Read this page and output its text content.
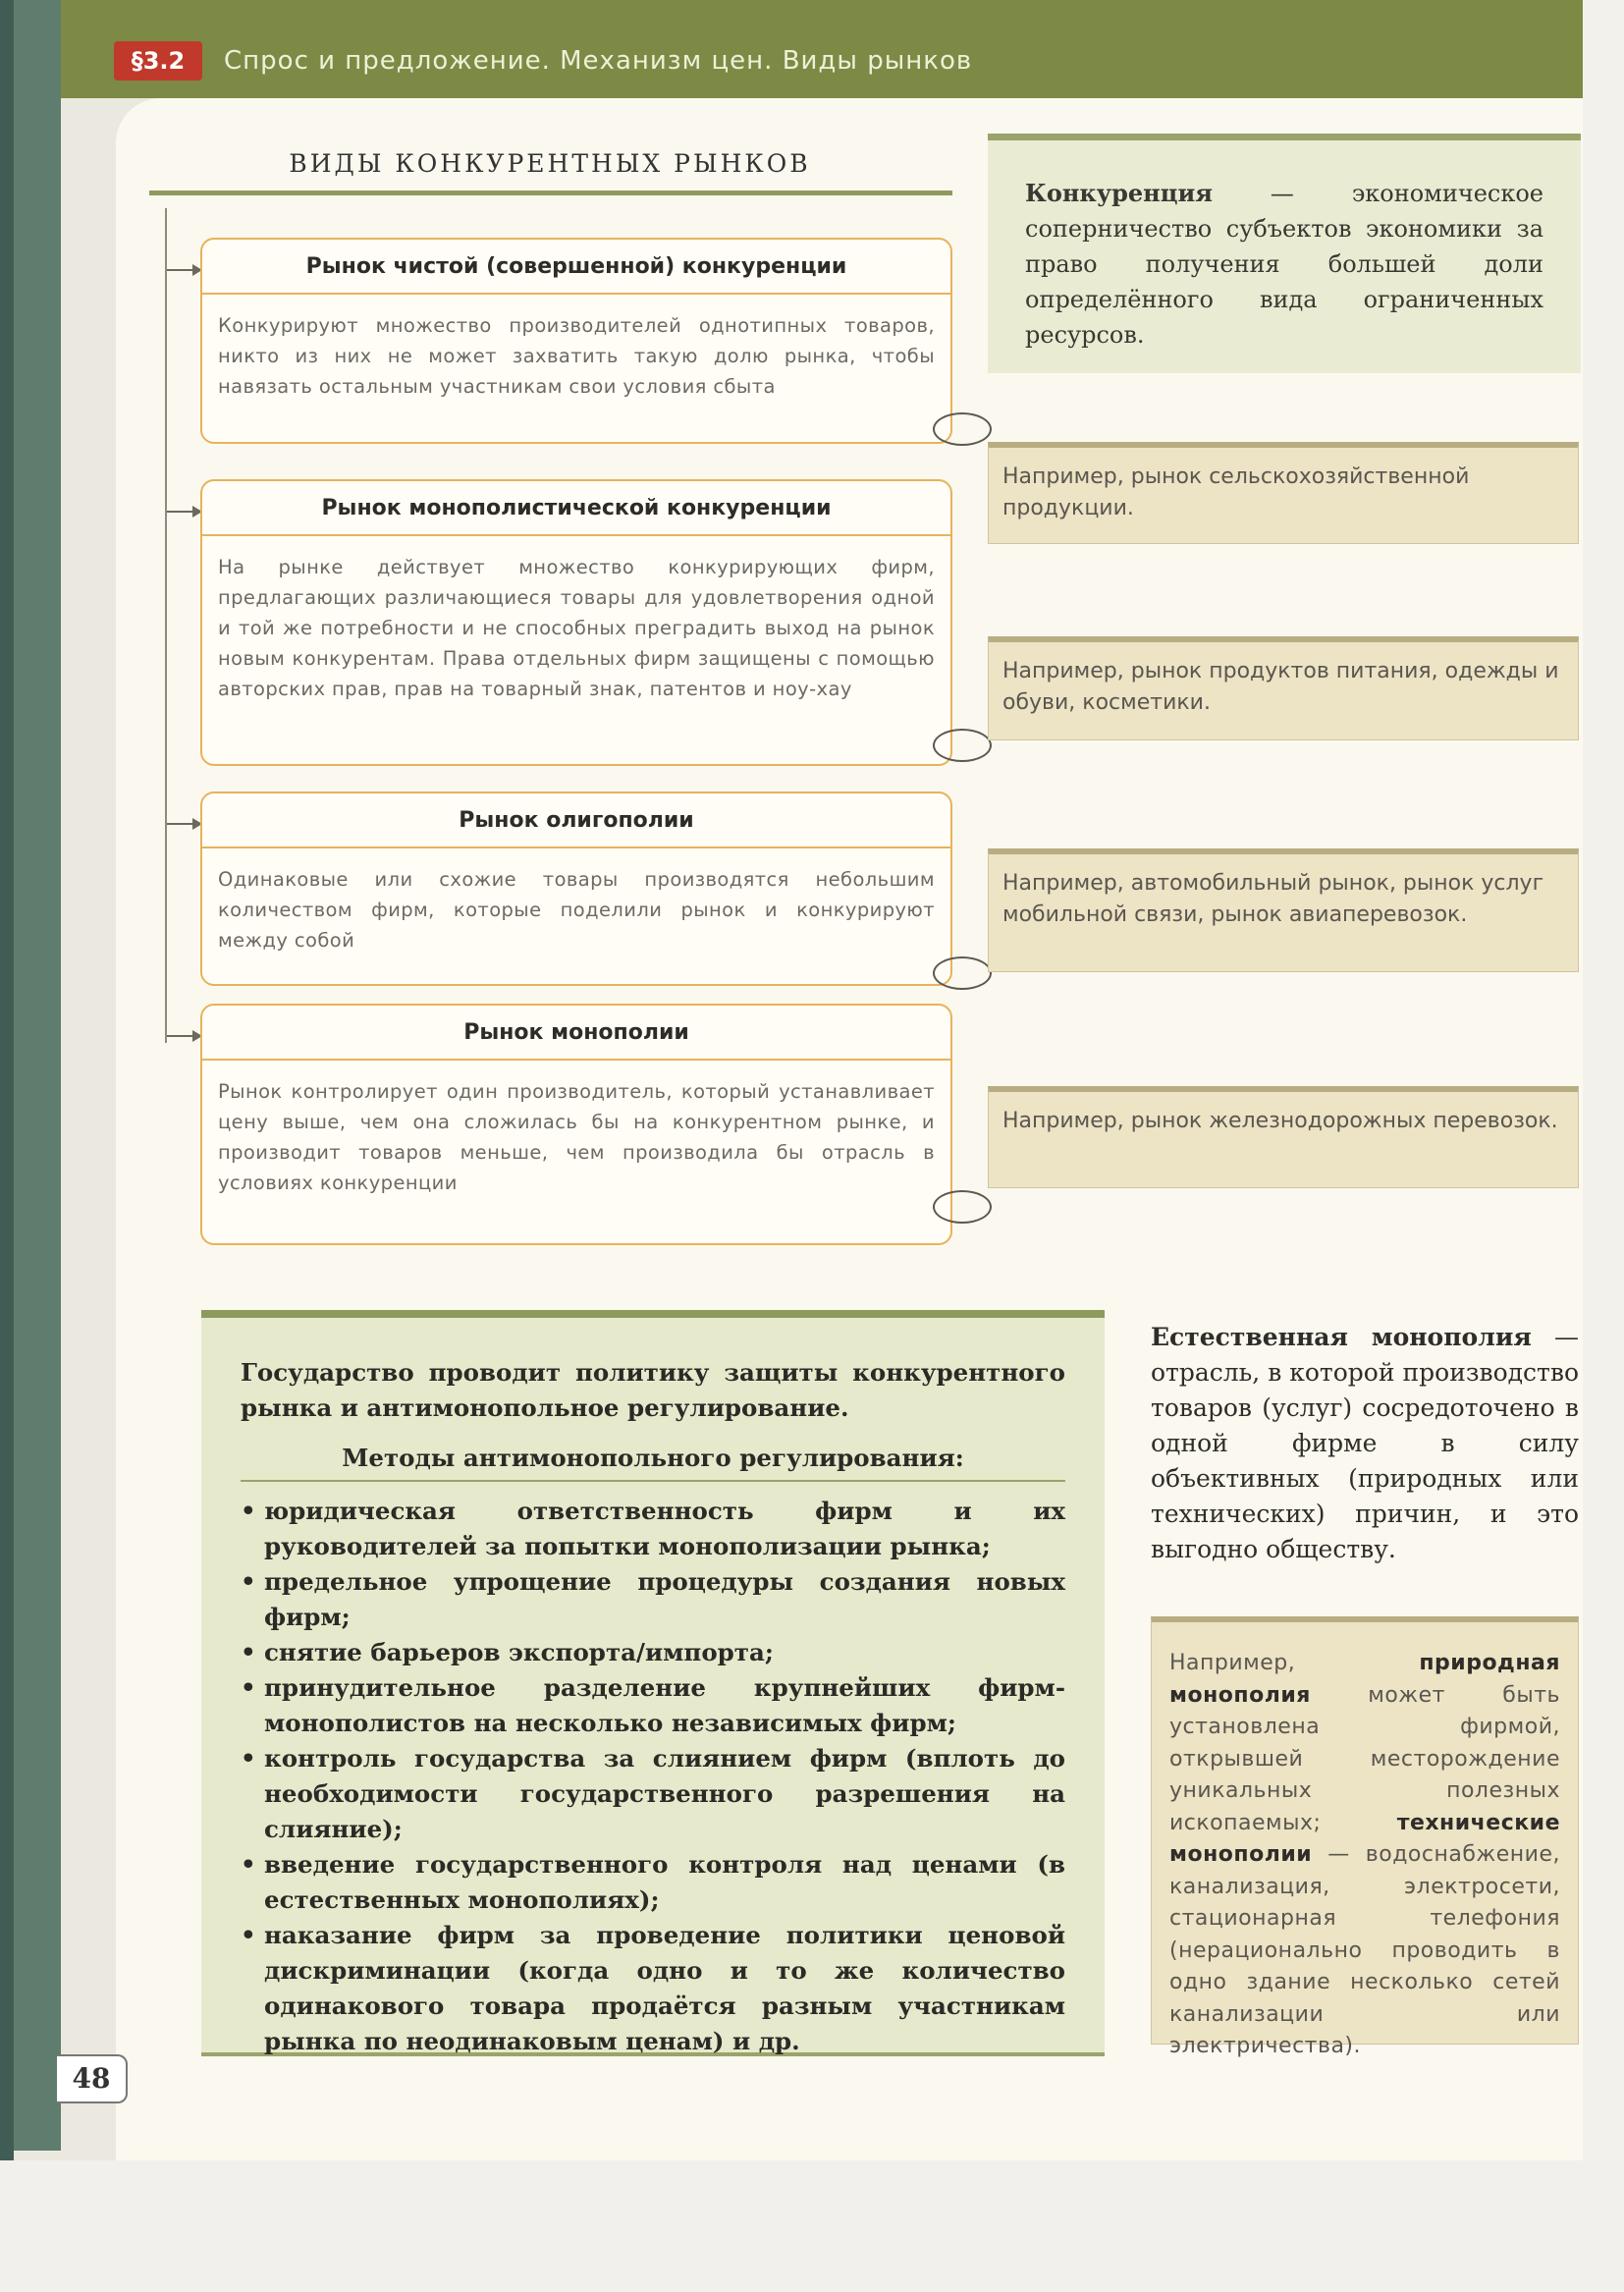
§3.2	Спрос и предложение. Механизм цен. Виды рынков
ВИДЫ КОНКУРЕНТНЫХ РЫНКОВ
Рынок чистой (совершенной) конкуренции
Конкурируют множество производителей однотипных товаров, никто из них не может захватить такую долю рынка, чтобы навязать остальным участникам свои условия сбыта
Рынок монополистической конкуренции
На рынке действует множество конкурирующих фирм, предлагающих различающиеся товары для удовлетворения одной и той же потребности и не способных преградить выход на рынок новым конкурентам. Права отдельных фирм защищены с помощью авторских прав, прав на товарный знак, патентов и ноу-хау
Рынок олигополии
Одинаковые или схожие товары производятся небольшим количеством фирм, которые поделили рынок и конкурируют между собой
Рынок монополии
Рынок контролирует один производитель, который устанавливает цену выше, чем она сложилась бы на конкурентном рынке, и производит товаров меньше, чем производила бы отрасль в условиях конкуренции
Конкуренция — экономическое соперничество субъектов экономики за право получения большей доли определённого вида ограниченных ресурсов.
Например, рынок сельскохозяйственной продукции.
Например, рынок продуктов питания, одежды и обуви, косметики.
Например, автомобильный рынок, рынок услуг мобильной связи, рынок авиаперевозок.
Например, рынок железнодорожных перевозок.
Государство проводит политику защиты конкурентного рынка и антимонопольное регулирование.
Методы антимонопольного регулирования:
• юридическая ответственность фирм и их руководителей за попытки монополизации рынка;
• предельное упрощение процедуры создания новых фирм;
• снятие барьеров экспорта/импорта;
• принудительное разделение крупнейших фирм-монополистов на несколько независимых фирм;
• контроль государства за слиянием фирм (вплоть до необходимости государственного разрешения на слияние);
• введение государственного контроля над ценами (в естественных монополиях);
• наказание фирм за проведение политики ценовой дискриминации (когда одно и то же количество одинакового товара продаётся разным участникам рынка по неодинаковым ценам) и др.
Естественная монополия — отрасль, в которой производство товаров (услуг) сосредоточено в одной фирме в силу объективных (природных или технических) причин, и это выгодно обществу.
Например, природная монополия может быть установлена фирмой, открывшей месторождение уникальных полезных ископаемых; технические монополии — водоснабжение, канализация, электросети, стационарная телефония (нерационально проводить в одно здание несколько сетей канализации или электричества).
48
